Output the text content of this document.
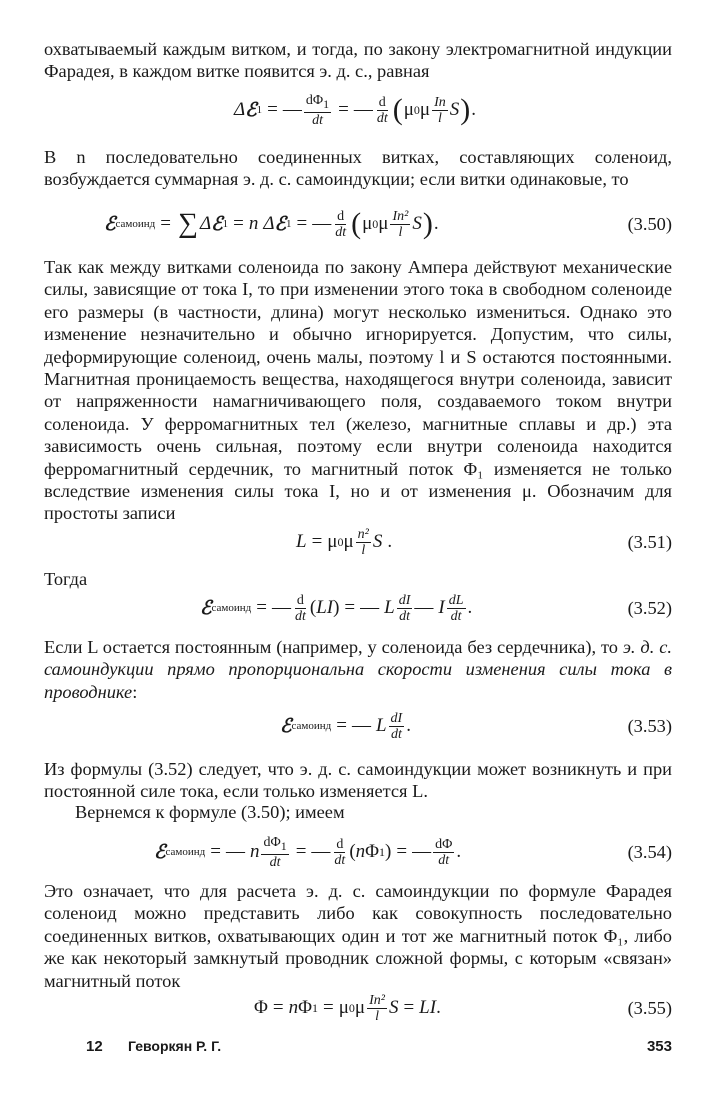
охватываемый каждым витком, и тогда, по закону электромагнитной индукции Фарадея, в каждом витке появится э. д. с., равная

Δ ℰ 1 = — $\frac{d\Phi 1}{dt}$ = — $\frac{d}{dt}$ ( μ 0 μ $\frac{In}{l}$ S ) .

В n последовательно соединенных витках, составляющих соленоид, возбуждается суммарная э. д. с. самоиндукции; если витки одинаковые, то

ℰ самоинд = ∑ Δ ℰ 1 = n Δ ℰ 1 = — $\frac{d}{dt}$ ( μ 0 μ $\frac{\text{In²}}{l}$ S ) .	(3.50)

Так как между витками соленоида по закону Ампера действуют механические силы, зависящие от тока I, то при изменении этого тока в свободном соленоиде его размеры (в частности, длина) могут несколько измениться. Однако это изменение незначительно и обычно игнорируется. Допустим, что силы, деформирующие соленоид, очень малы, поэтому l и S остаются постоянными. Магнитная проницаемость вещества, находящегося внутри соленоида, зависит от напряженности намагничивающего поля, создаваемого током внутри соленоида. У ферромагнитных тел (железо, магнитные сплавы и др.) эта зависимость очень сильная, поэтому если внутри соленоида находится ферромагнитный сердечник, то магнитный поток Φ₁ изменяется не только вследствие изменения силы тока I, но и от изменения μ. Обозначим для простоты записи

L = μ 0 μ $\frac{\text{n²}}{l}$ S .	(3.51)

Тогда

ℰ самоинд = — $\frac{d}{dt}$ ( LI ) = — L $\frac{dI}{dt}$ — I $\frac{dL}{dt}$ .	(3.52)

Если L остается постоянным (например, у соленоида без сердечника), то э. д. с. самоиндукции прямо пропорциональна скорости изменения силы тока в проводнике:

ℰ самоинд = — L $\frac{dI}{dt}$ .	(3.53)

Из формулы (3.52) следует, что э. д. с. самоиндукции может возникнуть и при постоянной силе тока, если только изменяется L.

Вернемся к формуле (3.50); имеем

ℰ самоинд = — n $\frac{d\Phi 1}{dt}$ = — $\frac{d}{dt}$ ( n Φ 1 ) = — $\frac{d\Phi}{dt}$ .	(3.54)

Это означает, что для расчета э. д. с. самоиндукции по формуле Фарадея соленоид можно представить либо как совокупность последовательно соединенных витков, охватывающих один и тот же магнитный поток Φ₁, либо же как некоторый замкнутый проводник сложной формы, с которым «связан» магнитный поток

Φ = n Φ 1 = μ 0 μ $\frac{\text{In²}}{l}$ S = LI .	(3.55)
12 Геворкян Р. Г.	353
